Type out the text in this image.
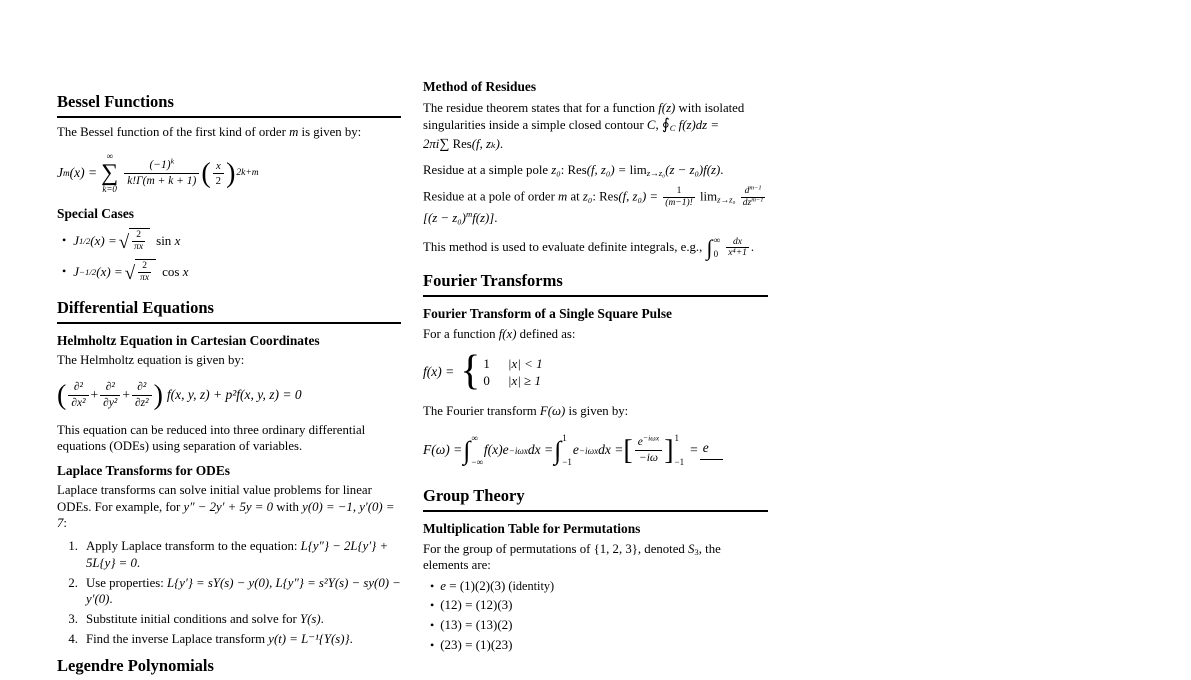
Bessel Functions

The Bessel function of the first kind of order m is given by:

J m (x) =
∞
∑
k=0
$\frac{(-1)^k}{k!\Gamma(m + k + 1)}$ ( $\frac{x}{2}$ ) 2k+m
Special Cases
• J 1/2 (x) = √ $\frac{2}{\pi x}$ sin
x
• J −1/2 (x) = √ $\frac{2}{\pi x}$ cos
x
Differential Equations
Helmholtz Equation in Cartesian Coordinates

The Helmholtz equation is given by:

( $\frac{\text{∂²}}{\text{∂x²}} + \frac{\text{∂²}}{\text{∂y²}} + \frac{\text{∂²}}{\text{∂z²}}$ ) f(x, y, z) + p²f(x, y, z) = 0

This equation can be reduced into three ordinary differential equations (ODEs) using separation of variables.

Laplace Transforms for ODEs

Laplace transforms can solve initial value problems for linear ODEs. For example, for y″ − 2y′ + 5y = 0 with y(0) = −1, y′(0) = 7:

1. Apply Laplace transform to the equation: L{y″} − 2L{y′} + 5L{y} = 0.
2. Use properties: L{y′} = sY(s) − y(0), L{y″} = s²Y(s) − sy(0) − y′(0).
3. Substitute initial conditions and solve for Y(s).
4. Find the inverse Laplace transform y(t) = L⁻¹{Y(s)}.
Legendre Polynomials
Method of Residues

The residue theorem states that for a function f(z) with isolated singularities inside a simple closed contour C, $∮_C$ f(z)dz = 2πi∑ Res(f, zₖ).

Residue at a simple pole z₀: Res(f, $z_0) = \lim_{z\to z_0}(z - z_0)f(z)$.

Residue at a pole of order m at z₀: Res(f, $z_0) = \frac{1}{(m-1)!} \lim_{z\to z_0}$
$d^{m-1}$
$dz^{m-1}$
$[(z - z_0)^mf(z)]$.

This method is used to evaluate definite integrals, e.g., ∫ ∞
0
$\frac{dx}{\text{x⁴+1}}$ .

Fourier Transforms
Fourier Transform of a Single Square Pulse

For a function f(x) defined as:

f(x) = { 1 |x| < 1
0 |x| ≥ 1

The Fourier transform F(ω) is given by:

F(ω) = ∫ ∞
−∞
f(x)e −iωx dx = ∫ 1
−1
e −iωx dx = [ $\frac{e^{-i\omega x}}{-i\omega}$ ] 1
−1
= e
Group Theory
Multiplication Table for Permutations

For the group of permutations of {1, 2, 3}, denoted $S_3$, the elements are:

• e = (1)(2)(3) (identity)
• (12) = (12)(3)
• (13) = (13)(2)
• (23) = (1)(23)
